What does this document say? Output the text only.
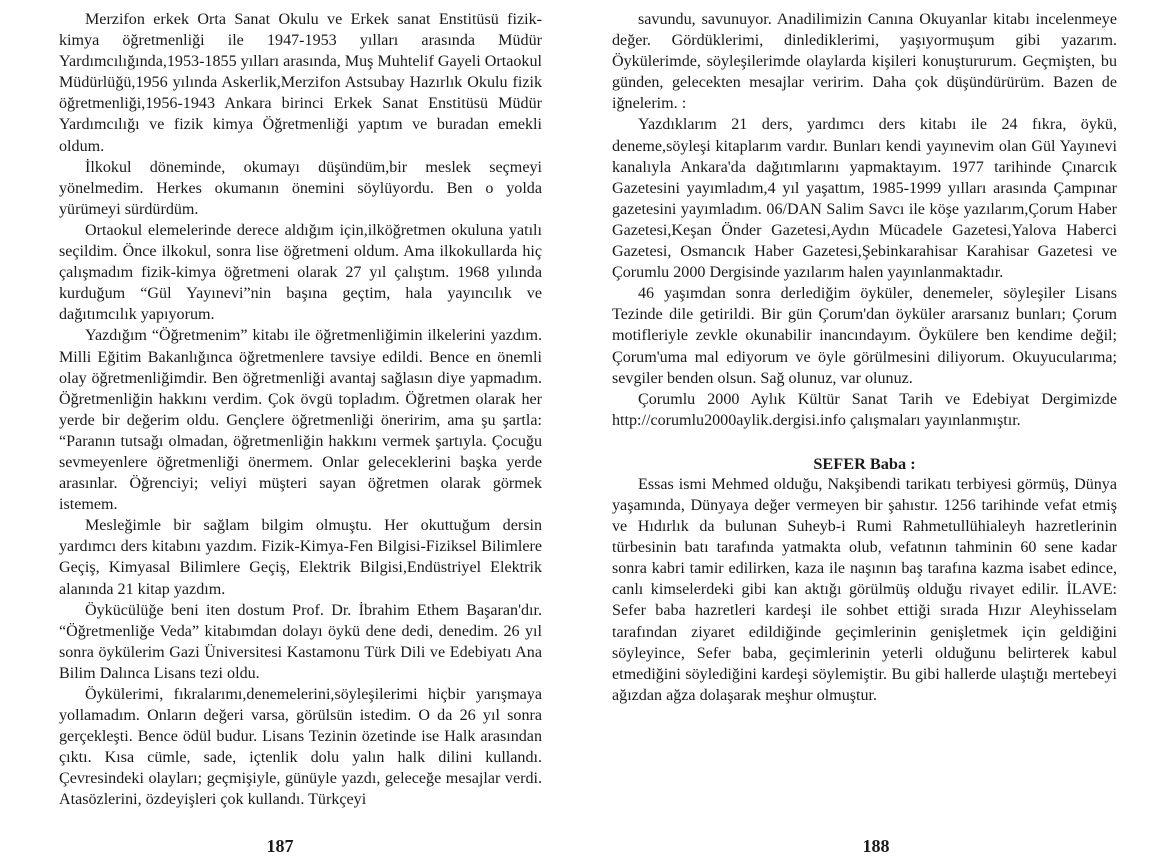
Merzifon erkek Orta Sanat Okulu ve Erkek sanat Enstitüsü fizik-kimya öğretmenliği ile 1947-1953 yılları arasında Müdür Yardımcılığında,1953-1855 yılları arasında, Muş Muhtelif Gayeli Ortaokul Müdürlüğü,1956 yılında Askerlik,Merzifon Astsubay Hazırlık Okulu fizik öğretmenliği,1956-1943 Ankara birinci Erkek Sanat Enstitüsü Müdür Yardımcılığı ve fizik kimya Öğretmenliği yaptım ve buradan emekli oldum.

İlkokul döneminde, okumayı düşündüm,bir meslek seçmeyi yönelmedim. Herkes okumanın önemini söylüyordu. Ben o yolda yürümeyi sürdürdüm.

Ortaokul elemelerinde derece aldığım için,ilköğretmen okuluna yatılı seçildim. Önce ilkokul, sonra lise öğretmeni oldum. Ama ilkokullarda hiç çalışmadım fizik-kimya öğretmeni olarak 27 yıl çalıştım. 1968 yılında kurduğum “Gül Yayınevi”nin başına geçtim, hala yayıncılık ve dağıtımcılık yapıyorum.

Yazdığım “Öğretmenim” kitabı ile öğretmenliğimin ilkelerini yazdım. Milli Eğitim Bakanlığınca öğretmenlere tavsiye edildi. Bence en önemli olay öğretmenliğimdir. Ben öğretmenliği avantaj sağlasın diye yapmadım. Öğretmenliğin hakkını verdim. Çok övgü topladım. Öğretmen olarak her yerde bir değerim oldu. Gençlere öğretmenliği öneririm, ama şu şartla: “Paranın tutsağı olmadan, öğretmenliğin hakkını vermek şartıyla. Çocuğu sevmeyenlere öğretmenliği önermem. Onlar geleceklerini başka yerde arasınlar. Öğrenciyi; veliyi müşteri sayan öğretmen olarak görmek istemem.

Mesleğimle bir sağlam bilgim olmuştu. Her okuttuğum dersin yardımcı ders kitabını yazdım. Fizik-Kimya-Fen Bilgisi-Fiziksel Bilimlere Geçiş, Kimyasal Bilimlere Geçiş, Elektrik Bilgisi,Endüstriyel Elektrik alanında 21 kitap yazdım.

Öykücülüğe beni iten dostum Prof. Dr. İbrahim Ethem Başaran'dır. “Öğretmenliğe Veda” kitabımdan dolayı öykü dene dedi, denedim. 26 yıl sonra öykülerim Gazi Üniversitesi Kastamonu Türk Dili ve Edebiyatı Ana Bilim Dalınca Lisans tezi oldu.

Öykülerimi, fıkralarımı,denemelerini,söyleşilerimi hiçbir yarışmaya yollamadım. Onların değeri varsa, görülsün istedim. O da 26 yıl sonra gerçekleşti. Bence ödül budur. Lisans Tezinin özetinde ise Halk arasından çıktı. Kısa cümle, sade, içtenlik dolu yalın halk dilini kullandı. Çevresindeki olayları; geçmişiyle, günüyle yazdı, geleceğe mesajlar verdi. Atasözlerini, özdeyişleri çok kullandı. Türkçeyi

savundu, savunuyor. Anadilimizin Canına Okuyanlar kitabı incelenmeye değer. Gördüklerimi, dinlediklerimi, yaşıyormuşum gibi yazarım. Öykülerimde, söyleşilerimde olaylarda kişileri konuştururum. Geçmişten, bu günden, gelecekten mesajlar veririm. Daha çok düşündürürüm. Bazen de iğnelerim. :

Yazdıklarım 21 ders, yardımcı ders kitabı ile 24 fıkra, öykü, deneme,söyleşi kitaplarım vardır. Bunları kendi yayınevim olan Gül Yayınevi kanalıyla Ankara'da dağıtımlarını yapmaktayım. 1977 tarihinde Çınarcık Gazetesini yayımladım,4 yıl yaşattım, 1985-1999 yılları arasında Çampınar gazetesini yayımladım. 06/DAN Salim Savcı ile köşe yazılarım,Çorum Haber Gazetesi,Keşan Önder Gazetesi,Aydın Mücadele Gazetesi,Yalova Haberci Gazetesi, Osmancık Haber Gazetesi,Şebinkarahisar Karahisar Gazetesi ve Çorumlu 2000 Dergisinde yazılarım halen yayınlanmaktadır.

46 yaşımdan sonra derlediğim öyküler, denemeler, söyleşiler Lisans Tezinde dile getirildi. Bir gün Çorum'dan öyküler ararsanız bunları; Çorum motifleriyle zevkle okunabilir inancındayım. Öykülere ben kendime değil; Çorum'uma mal ediyorum ve öyle görülmesini diliyorum. Okuyucularıma; sevgiler benden olsun. Sağ olunuz, var olunuz.

Çorumlu 2000 Aylık Kültür Sanat Tarih ve Edebiyat Dergimizde http://corumlu2000aylik.dergisi.info çalışmaları yayınlanmıştır.

SEFER Baba :

Essas ismi Mehmed olduğu, Nakşibendi tarikatı terbiyesi görmüş, Dünya yaşamında, Dünyaya değer vermeyen bir şahıstır. 1256 tarihinde vefat etmiş ve Hıdırlık da bulunan Suheyb-i Rumi Rahmetullühialeyh hazretlerinin türbesinin batı tarafında yatmakta olub, vefatının tahminin 60 sene kadar sonra kabri tamir edilirken, kaza ile naşının baş tarafına kazma isabet edince, canlı kimselerdeki gibi kan aktığı görülmüş olduğu rivayet edilir. İLAVE: Sefer baba hazretleri kardeşi ile sohbet ettiği sırada Hızır Aleyhisselam tarafından ziyaret edildiğinde geçimlerinin genişletmek için geldiğini söyleyince, Sefer baba, geçimlerinin yeterli olduğunu belirterek kabul etmediğini söylediğini kardeşi söylemiştir. Bu gibi hallerde ulaştığı mertebeyi ağızdan ağza dolaşarak meşhur olmuştur.

187	188
